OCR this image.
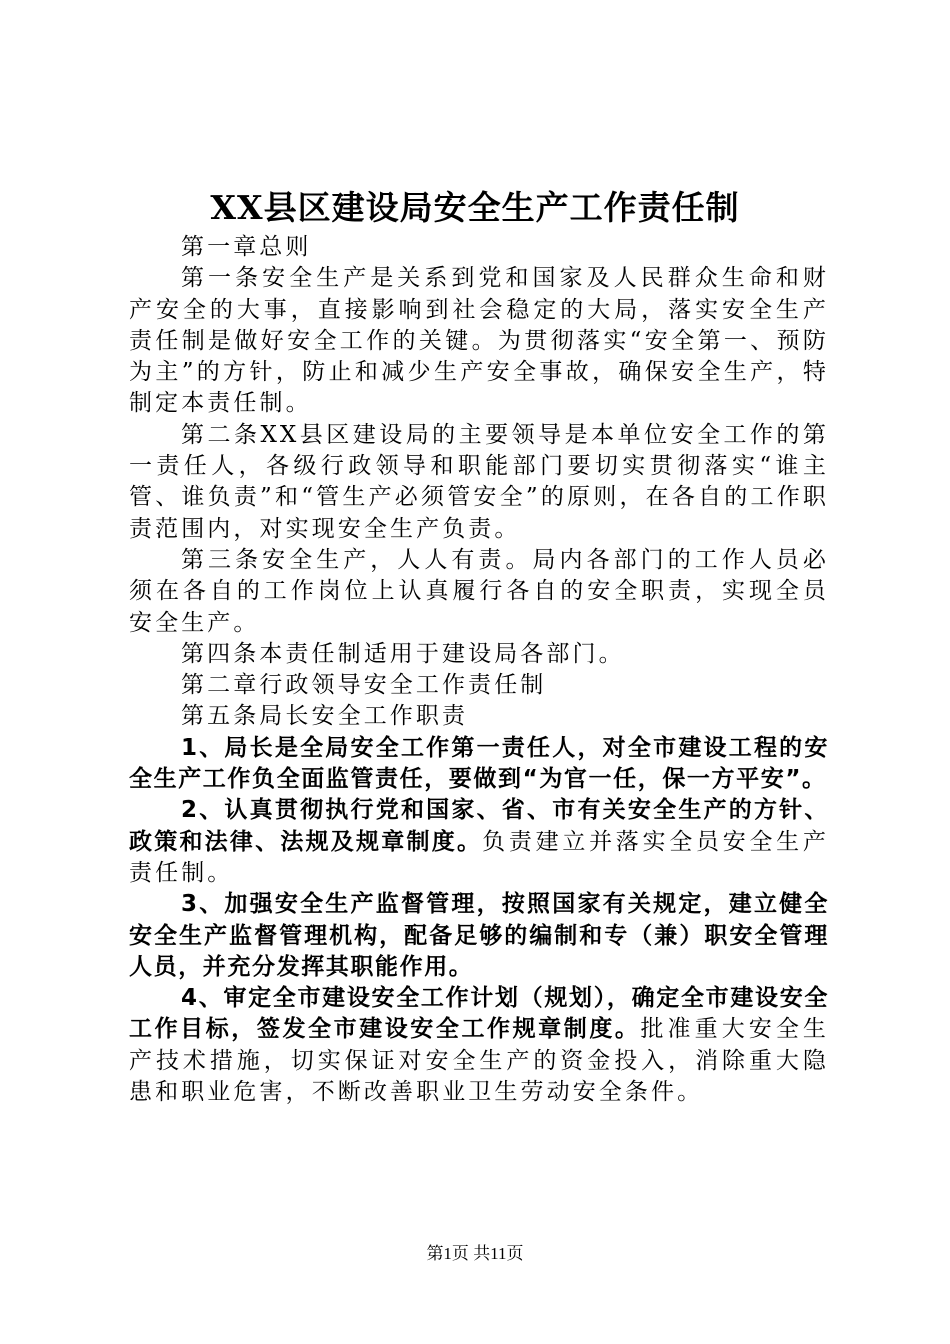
XX县区建设局安全生产工作责任制

第一章总则

第一条安全生产是关系到党和国家及人民群众生命和财产安全的大事，直接影响到社会稳定的大局，落实安全生产责任制是做好安全工作的关键。为贯彻落实“安全第一、预防为主”的方针，防止和减少生产安全事故，确保安全生产，特制定本责任制。

第二条XX县区建设局的主要领导是本单位安全工作的第一责任人，各级行政领导和职能部门要切实贯彻落实“谁主管、谁负责”和“管生产必须管安全”的原则，在各自的工作职责范围内，对实现安全生产负责。

第三条安全生产，人人有责。局内各部门的工作人员必须在各自的工作岗位上认真履行各自的安全职责，实现全员安全生产。

第四条本责任制适用于建设局各部门。

第二章行政领导安全工作责任制

第五条局长安全工作职责

1、局长是全局安全工作第一责任人，对全市建设工程的安全生产工作负全面监管责任，要做到“为官一任，保一方平安”。

2、认真贯彻执行党和国家、省、市有关安全生产的方针、政策和法律、法规及规章制度。负责建立并落实全员安全生产责任制。

3、加强安全生产监督管理，按照国家有关规定，建立健全安全生产监督管理机构，配备足够的编制和专（兼）职安全管理人员，并充分发挥其职能作用。

4、审定全市建设安全工作计划（规划），确定全市建设安全工作目标，签发全市建设安全工作规章制度。批准重大安全生产技术措施，切实保证对安全生产的资金投入，消除重大隐患和职业危害，不断改善职业卫生劳动安全条件。

第1页 共11页
